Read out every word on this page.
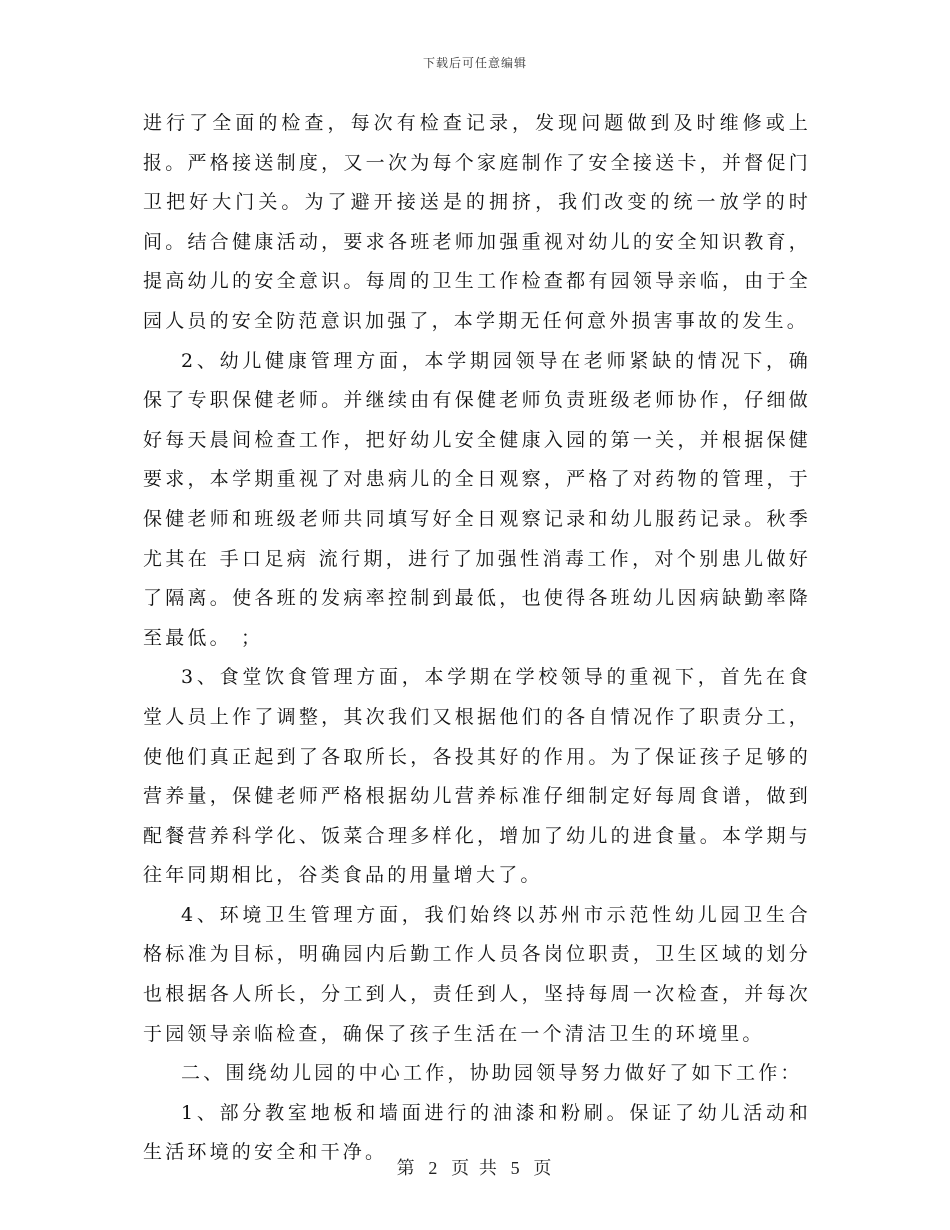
下载后可任意编辑

进行了全面的检查，每次有检查记录，发现问题做到及时维修或上报。严格接送制度，又一次为每个家庭制作了安全接送卡，并督促门卫把好大门关。为了避开接送是的拥挤，我们改变的统一放学的时间。结合健康活动，要求各班老师加强重视对幼儿的安全知识教育，提高幼儿的安全意识。每周的卫生工作检查都有园领导亲临，由于全园人员的安全防范意识加强了，本学期无任何意外损害事故的发生。

2、幼儿健康管理方面，本学期园领导在老师紧缺的情况下，确保了专职保健老师。并继续由有保健老师负责班级老师协作，仔细做好每天晨间检查工作，把好幼儿安全健康入园的第一关，并根据保健要求，本学期重视了对患病儿的全日观察，严格了对药物的管理，于保健老师和班级老师共同填写好全日观察记录和幼儿服药记录。秋季尤其在 手口足病 流行期，进行了加强性消毒工作，对个别患儿做好了隔离。使各班的发病率控制到最低，也使得各班幼儿因病缺勤率降至最低。 ；

3、食堂饮食管理方面，本学期在学校领导的重视下，首先在食堂人员上作了调整，其次我们又根据他们的各自情况作了职责分工，使他们真正起到了各取所长，各投其好的作用。为了保证孩子足够的营养量，保健老师严格根据幼儿营养标准仔细制定好每周食谱，做到配餐营养科学化、饭菜合理多样化，增加了幼儿的进食量。本学期与往年同期相比，谷类食品的用量增大了。

4、环境卫生管理方面，我们始终以苏州市示范性幼儿园卫生合格标准为目标，明确园内后勤工作人员各岗位职责，卫生区域的划分也根据各人所长，分工到人，责任到人，坚持每周一次检查，并每次于园领导亲临检查，确保了孩子生活在一个清洁卫生的环境里。

二、围绕幼儿园的中心工作，协助园领导努力做好了如下工作：

1、部分教室地板和墙面进行的油漆和粉刷。保证了幼儿活动和生活环境的安全和干净。

第 2 页 共 5 页
